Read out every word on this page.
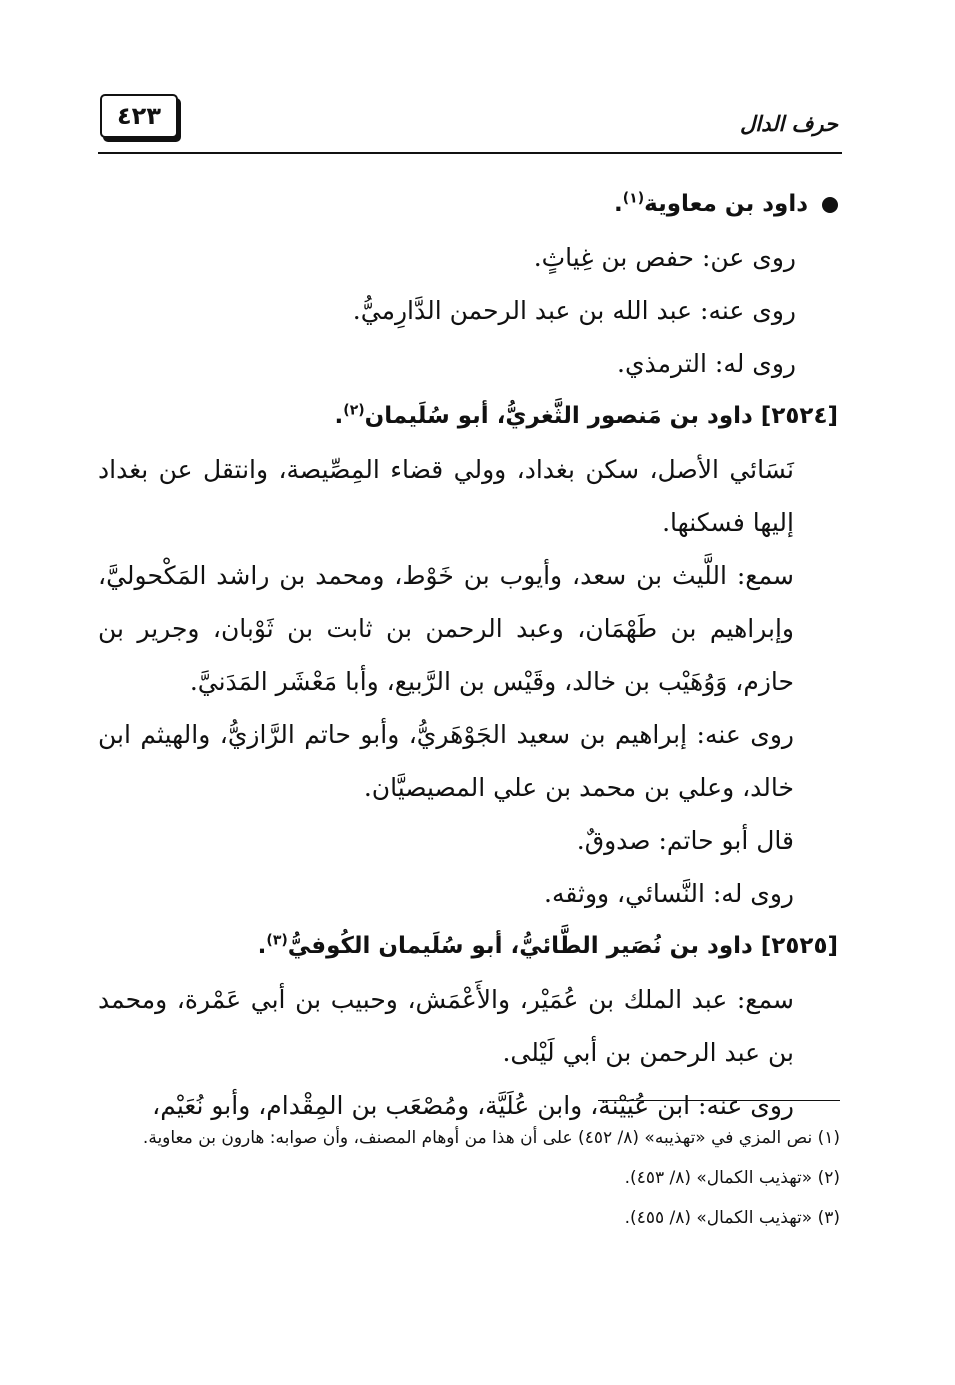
٤٢٣	حرف الدال
داود بن معاوية$^{(١)}$.
روى عن: حفص بن غِياثٍ.
روى عنه: عبد الله بن عبد الرحمن الدَّارِميُّ.
روى له: الترمذي.
[٢٥٢٤] داود بن مَنصور الثَّغريُّ، أبو سُلَيمان$^{(٢)}$.
نَسَائي الأصل، سكن بغداد، وولي قضاء المِصِّيصة، وانتقل عن بغداد إليها فسكنها.
سمع: اللَّيث بن سعد، وأيوب بن خَوْط، ومحمد بن راشد المَكْحوليَّ، وإبراهيم بن طَهْمَان، وعبد الرحمن بن ثابت بن ثَوْبان، وجرير بن حازم، وَوُهَيْب بن خالد، وقَيْس بن الرَّبيع، وأبا مَعْشَر المَدَنيَّ.
روى عنه: إبراهيم بن سعيد الجَوْهَريُّ، وأبو حاتم الرَّازيُّ، والهيثم ابن خالد، وعلي بن محمد بن علي المصيصيَّان.
قال أبو حاتم: صدوقٌ.
روى له: النَّسائي، ووثقه.
[٢٥٢٥] داود بن نُصَير الطَّائيُّ، أبو سُلَيمان الكُوفيُّ$^{(٣)}$.
سمع: عبد الملك بن عُمَيْر، والأَعْمَش، وحبيب بن أبي عَمْرة، ومحمد بن عبد الرحمن بن أبي لَيْلى.
روى عنه: ابن عُيَيْنة، وابن عُلَيَّة، ومُصْعَب بن المِقْدام، وأبو نُعَيْم،
(١) نص المزي في «تهذيبه» (٨/ ٤٥٢) على أن هذا من أوهام المصنف، وأن صوابه: هارون بن معاوية.
(٢) «تهذيب الكمال» (٨/ ٤٥٣).
(٣) «تهذيب الكمال» (٨/ ٤٥٥).
